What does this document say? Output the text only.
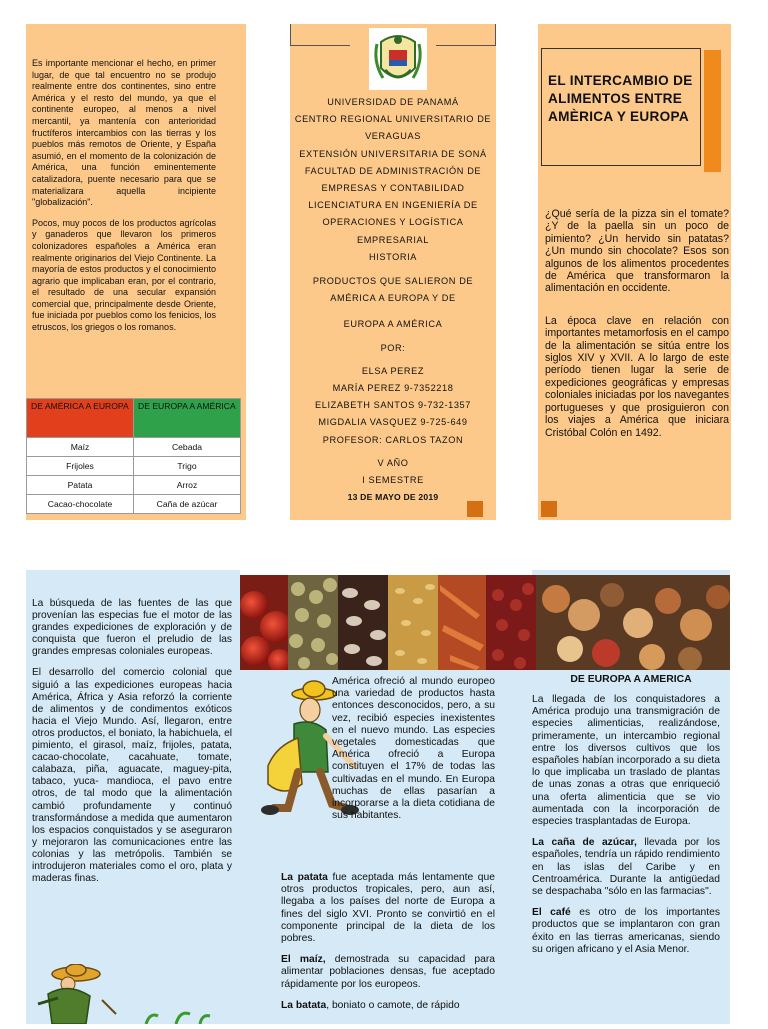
Es importante mencionar el hecho, en primer lugar, de que tal encuentro no se produjo realmente entre dos continentes, sino entre América y el resto del mundo, ya que el continente europeo, al menos a nivel mercantil, ya mantenía con anterioridad fructíferos intercambios con las tierras y los pueblos más remotos de Oriente, y España asumió, en el momento de la colonización de América, una función eminentemente catalizadora, puente necesario para que se materializara aquella incipiente "globalización".

Pocos, muy pocos de los productos agrícolas y ganaderos que llevaron los primeros colonizadores españoles a América eran realmente originarios del Viejo Continente. La mayoría de estos productos y el conocimiento agrario que implicaban eran, por el contrario, el resultado de una secular expansión comercial que, principalmente desde Oriente, fue iniciada por pueblos como los fenicios, los etruscos, los griegos o los romanos.

DE AMÉRICA A EUROPA	DE EUROPA A AMÉRICA
Maíz	Cebada
Frijoles	Trigo
Patata	Arroz
Cacao-chocolate	Caña de azúcar

UNIVERSIDAD DE PANAMÁ

CENTRO REGIONAL UNIVERSITARIO DE

VERAGUAS

EXTENSIÓN UNIVERSITARIA DE SONÁ

FACULTAD DE ADMINISTRACIÓN DE

EMPRESAS Y CONTABILIDAD

LICENCIATURA EN INGENIERÍA DE

OPERACIONES Y LOGÍSTICA

EMPRESARIAL

HISTORIA

PRODUCTOS QUE SALIERON DE

AMÉRICA A EUROPA Y DE

EUROPA A AMÉRICA

POR:

ELSA PEREZ

MARÍA PEREZ 9-7352218

ELIZABETH SANTOS 9-732-1357

MIGDALIA VASQUEZ 9-725-649

PROFESOR: CARLOS TAZON

V AÑO

I SEMESTRE

13 DE MAYO DE 2019

EL INTERCAMBIO DE ALIMENTOS ENTRE AMÈRICA Y EUROPA

¿Qué sería de la pizza sin el tomate? ¿Y de la paella sin un poco de pimiento? ¿Un hervido sin patatas? ¿Un mundo sin chocolate? Esos son algunos de los alimentos procedentes de América que transformaron la alimentación en occidente.

La época clave en relación con importantes metamorfosis en el campo de la alimentación se sitúa entre los siglos XIV y XVII. A lo largo de este período tienen lugar la serie de expediciones geográficas y empresas coloniales iniciadas por los navegantes portugueses y que prosiguieron con los viajes a América que iniciara Cristóbal Colón en 1492.

La búsqueda de las fuentes de las que provenían las especias fue el motor de las grandes expediciones de exploración y de conquista que fueron el preludio de las grandes empresas coloniales europeas.

El desarrollo del comercio colonial que siguió a las expediciones europeas hacia América, África y Asia reforzó la corriente de alimentos y de condimentos exóticos hacia el Viejo Mundo. Así, llegaron, entre otros productos, el boniato, la habichuela, el pimiento, el girasol, maíz, frijoles, patata, cacao-chocolate, cacahuate, tomate, calabaza, piña, aguacate, maguey-pita, tabaco, yuca- mandioca, el pavo entre otros, de tal modo que la alimentación cambió profundamente y continuó transformándose a medida que aumentaron los espacios conquistados y se aseguraron y mejoraron las comunicaciones entre las colonias y las metrópolis. También se introdujeron materiales como el oro, plata y maderas finas.

América ofreció al mundo europeo una variedad de productos hasta entonces desconocidos, pero, a su vez, recibió especies inexistentes en el nuevo mundo. Las especies vegetales domesticadas que América ofreció a Europa constituyen el 17% de todas las cultivadas en el mundo. En Europa muchas de ellas pasarían a incorporarse a la dieta cotidiana de sus habitantes.

La patata fue aceptada más lentamente que otros productos tropicales, pero, aun así, llegaba a los países del norte de Europa a fines del siglo XVI. Pronto se convirtió en el componente principal de la dieta de los pobres.

El maíz, demostrada su capacidad para alimentar poblaciones densas, fue aceptado rápidamente por los europeos.

La batata, boniato o camote, de rápido

DE EUROPA A AMERICA

La llegada de los conquistadores a América produjo una transmigración de especies alimenticias, realizándose, primeramente, un intercambio regional entre los diversos cultivos que los españoles habían incorporado a su dieta lo que implicaba un traslado de plantas de unas zonas a otras que enriqueció una oferta alimenticia que se vio aumentada con la incorporación de especies trasplantadas de Europa.

La caña de azúcar, llevada por los españoles, tendría un rápido rendimiento en las islas del Caribe y en Centroamérica. Durante la antigüedad se despachaba "sólo en las farmacias".

El café es otro de los importantes productos que se implantaron con gran éxito en las tierras americanas, siendo su origen africano y el Asia Menor.
